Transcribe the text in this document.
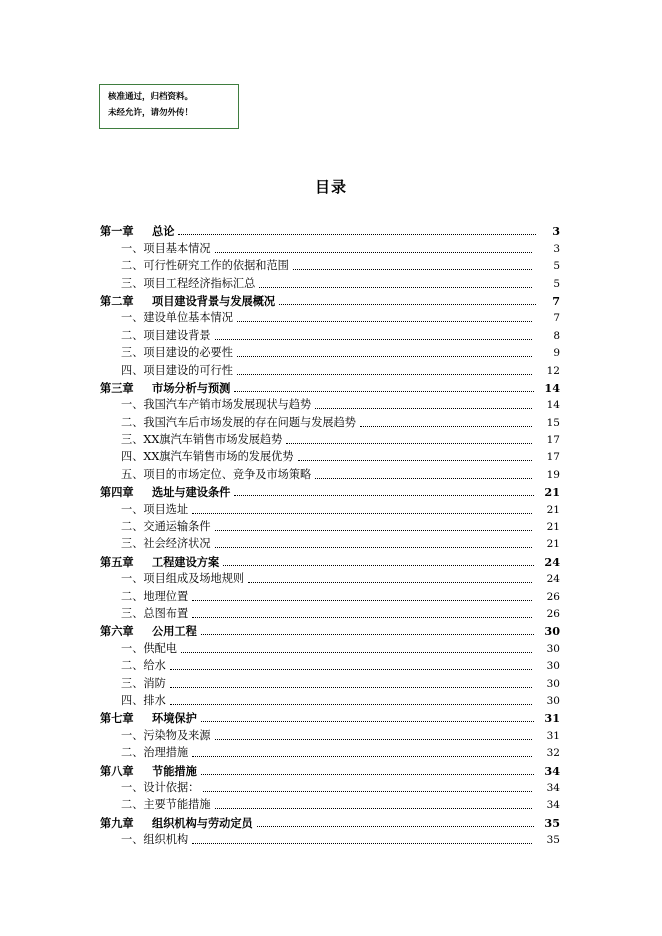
核准通过，归档资料。
未经允许，请勿外传！
目录
第一章 总论	3
一、项目基本情况	3
二、可行性研究工作的依据和范围	5
三、项目工程经济指标汇总	5
第二章 项目建设背景与发展概况	7
一、建设单位基本情况	7
二、项目建设背景	8
三、项目建设的必要性	9
四、项目建设的可行性	12
第三章 市场分析与预测	14
一、我国汽车产销市场发展现状与趋势	14
二、我国汽车后市场发展的存在问题与发展趋势	15
三、XX旗汽车销售市场发展趋势	17
四、XX旗汽车销售市场的发展优势	17
五、项目的市场定位、竞争及市场策略	19
第四章 选址与建设条件	21
一、项目选址	21
二、交通运输条件	21
三、社会经济状况	21
第五章 工程建设方案	24
一、项目组成及场地规则	24
二、地理位置	26
三、总图布置	26
第六章 公用工程	30
一、供配电	30
二、给水	30
三、消防	30
四、排水	30
第七章 环境保护	31
一、污染物及来源	31
二、治理措施	32
第八章 节能措施	34
一、设计依据：	34
二、主要节能措施	34
第九章 组织机构与劳动定员	35
一、组织机构	35
